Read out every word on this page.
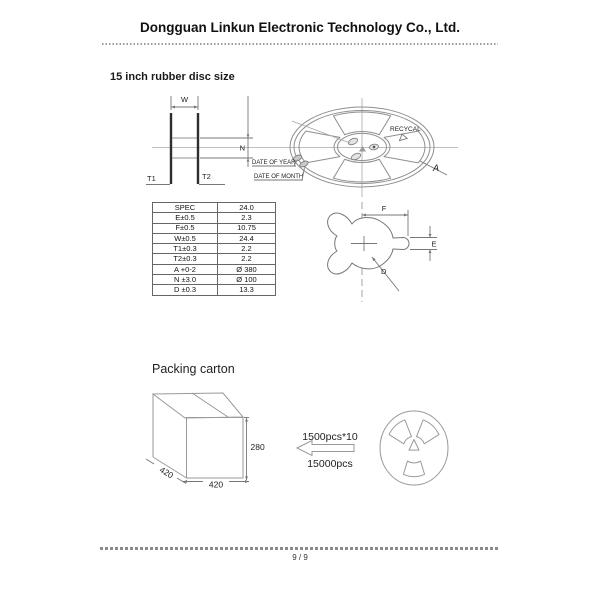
Dongguan Linkun Electronic Technology Co., Ltd.
15 inch rubber disc size
W
N
T1	T2
A
RECYCAL
DATE OF YEAR
DATE OF MONTH
F
E
D
280
420
420
1500pcs*10
15000pcs
SPEC	24.0
E±0.5	2.3
F±0.5	10.75
W±0.5	24.4
T1±0.3	2.2
T2±0.3	2.2
A +0-2	Ø 380
N ±3.0	Ø 100
D ±0.3	13.3
Packing carton
9 / 9
